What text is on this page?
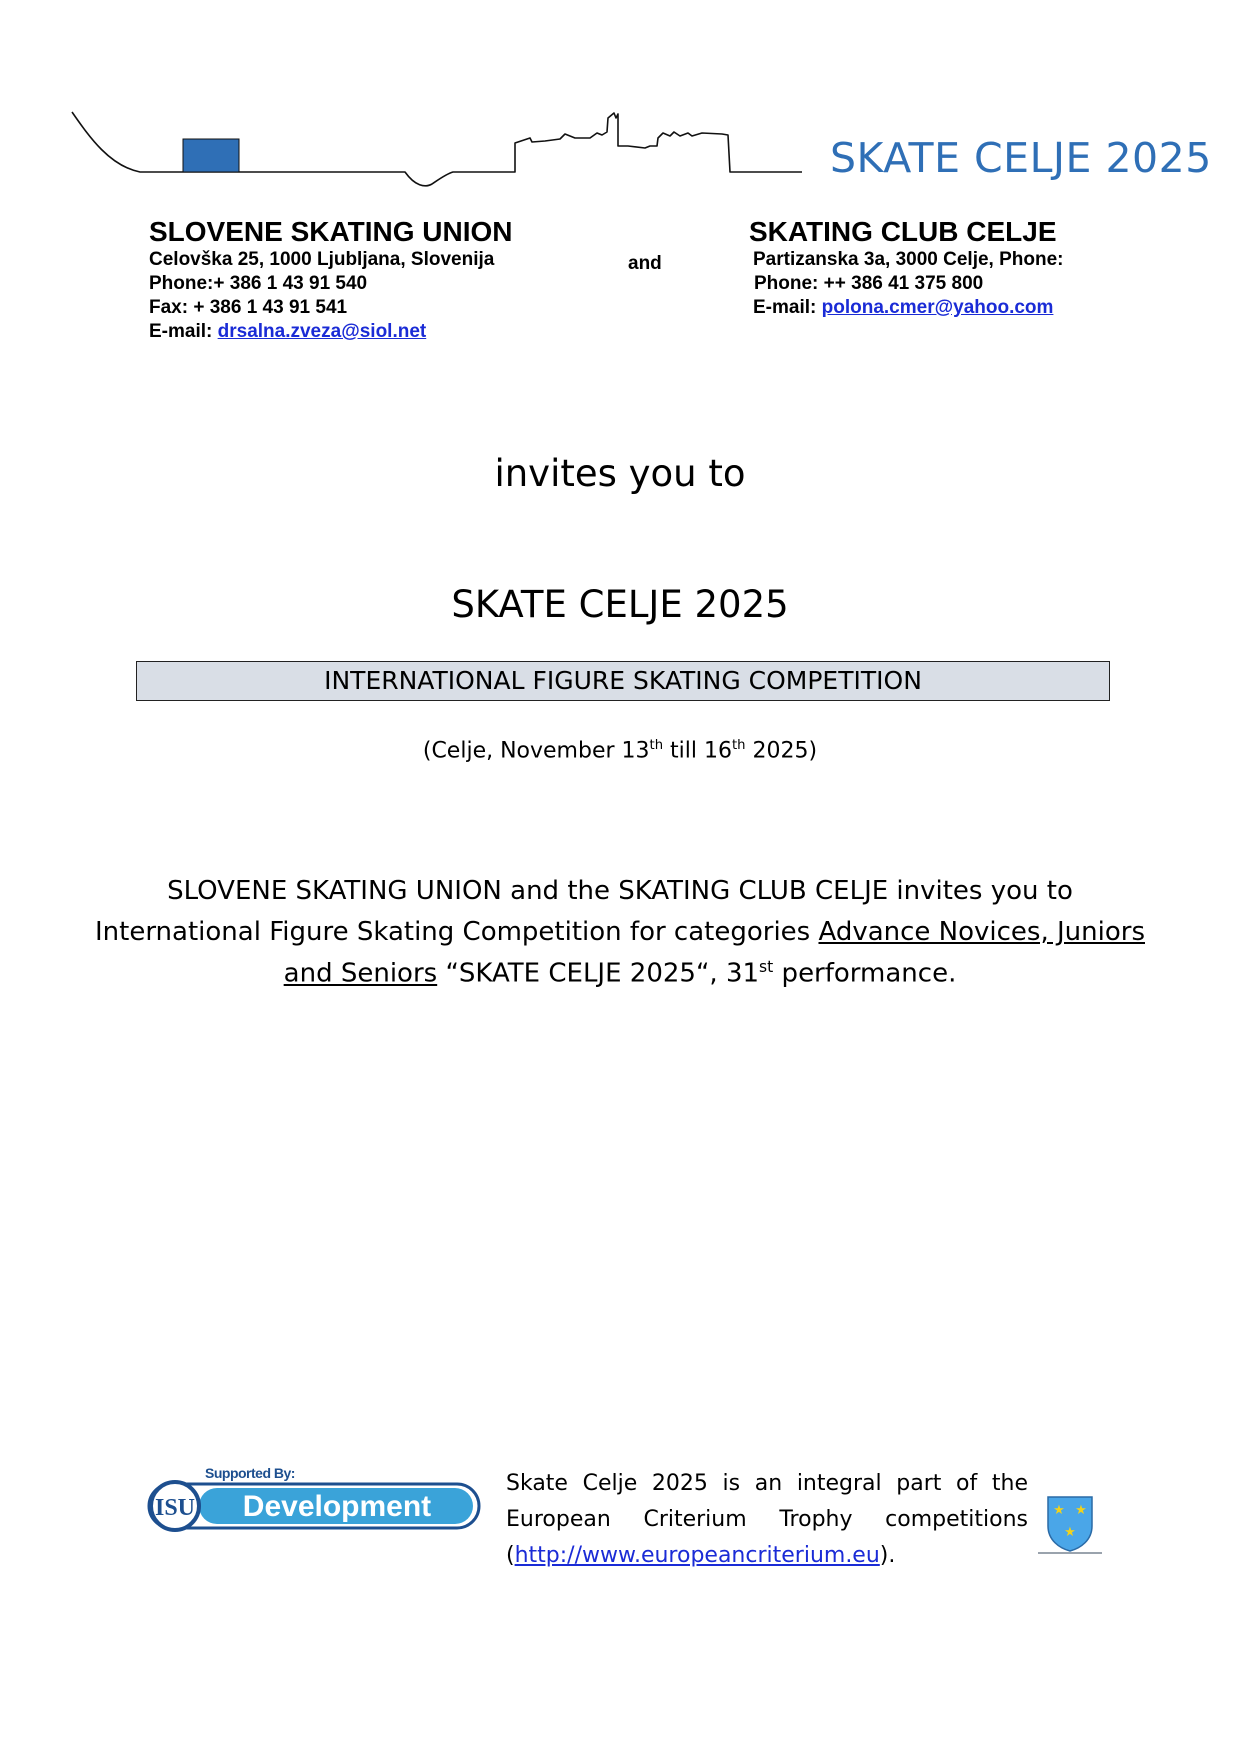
SKATE CELJE 2025
SLOVENE SKATING UNION
Celovška 25, 1000 Ljubljana, Slovenija
Phone:+ 386 1 43 91 540
Fax: + 386 1 43 91 541
E-mail: drsalna.zveza@siol.net
and
SKATING CLUB CELJE
Partizanska 3a, 3000 Celje, Phone:
Phone: ++ 386 41 375 800
E-mail: polona.cmer@yahoo.com
invites you to
SKATE CELJE 2025
INTERNATIONAL FIGURE SKATING COMPETITION
(Celje, November 13th till 16th 2025)
SLOVENE SKATING UNION and the SKATING CLUB CELJE invites you to
International Figure Skating Competition for categories Advance Novices, Juniors
and Seniors “SKATE CELJE 2025“, 31st performance.
ISU Development
Supported By:	Skate Celje 2025 is an integral part of the
European Criterium Trophy competitions
(http://www.europeancriterium.eu).
★ ★
★
